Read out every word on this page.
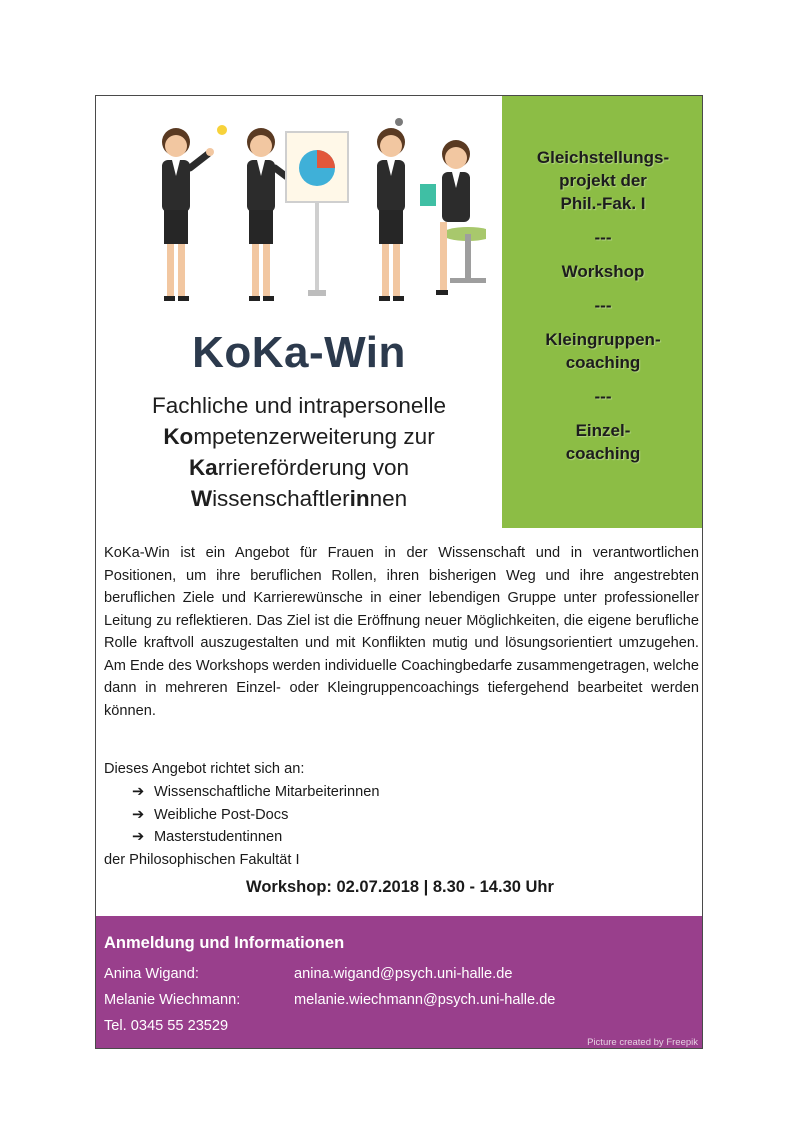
Gleichstellungs-
projekt der
Phil.-Fak. I
---
Workshop
---
Kleingruppen-
coaching
---
Einzel-
coaching
KoKa-Win
Fachliche und intrapersonelle
Kompetenzerweiterung zur
Karriereförderung von
Wissenschaftlerinnen
KoKa-Win ist ein Angebot für Frauen in der Wissenschaft und in verantwortlichen Positionen, um ihre beruflichen Rollen, ihren bisherigen Weg und ihre angestrebten beruflichen Ziele und Karrierewünsche in einer lebendigen Gruppe unter professioneller Leitung zu reflektieren. Das Ziel ist die Eröffnung neuer Möglichkeiten, die eigene berufliche Rolle kraftvoll auszugestalten und mit Konflikten mutig und lösungsorientiert umzugehen. Am Ende des Workshops werden individuelle Coachingbedarfe zusammengetragen, welche dann in mehreren Einzel- oder Kleingruppencoachings tiefergehend bearbeitet werden können.
Dieses Angebot richtet sich an:
➔ Wissenschaftliche Mitarbeiterinnen
➔ Weibliche Post-Docs
➔ Masterstudentinnen
der Philosophischen Fakultät I
Workshop: 02.07.2018 | 8.30 - 14.30 Uhr
Anmeldung und Informationen
Anina Wigand:	anina.wigand@psych.uni-halle.de
Melanie Wiechmann:	melanie.wiechmann@psych.uni-halle.de
Tel. 0345 55 23529
Picture created by Freepik
